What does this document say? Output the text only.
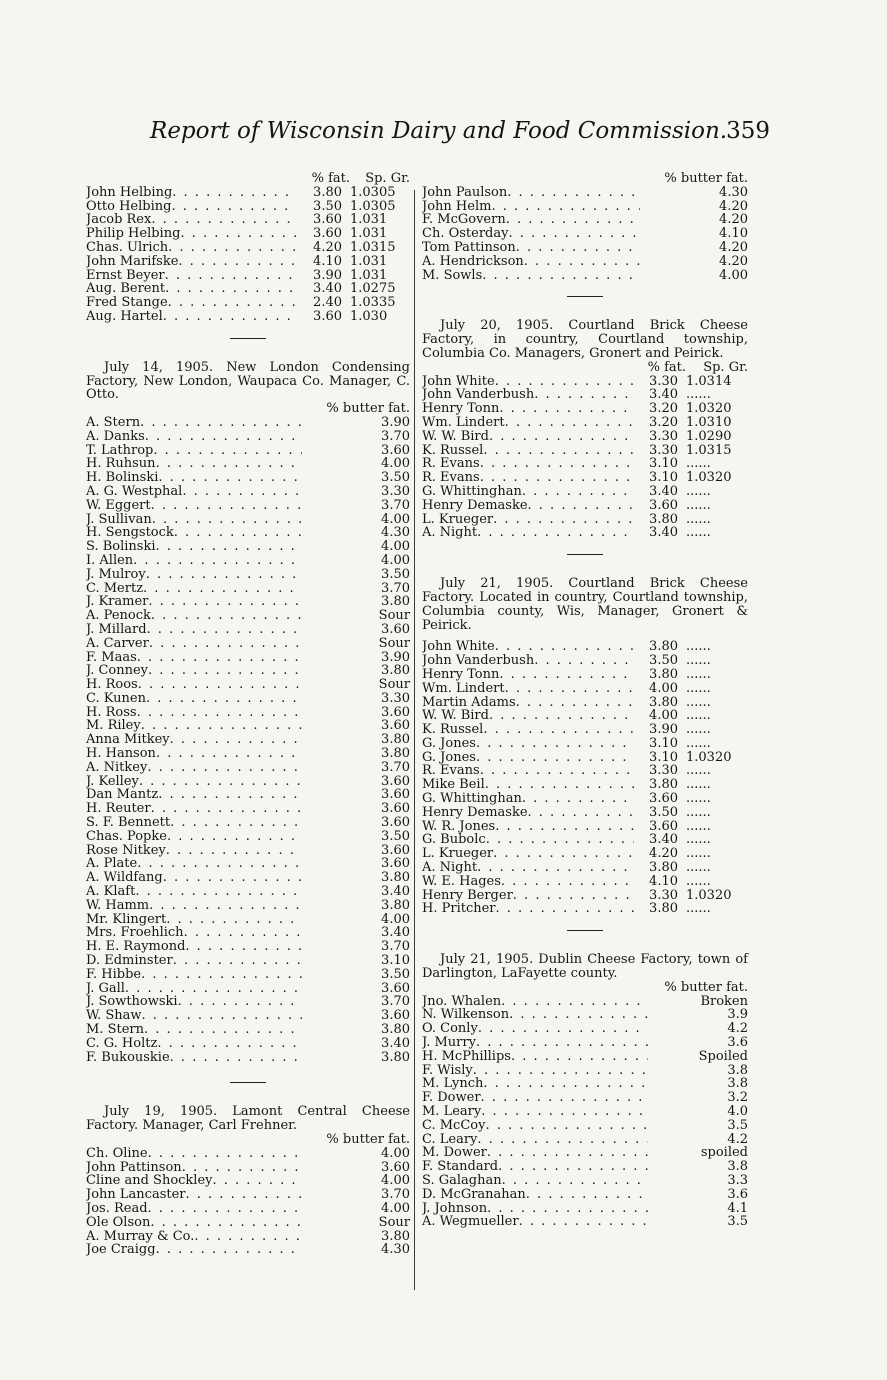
Report of Wisconsin Dairy and Food Commission. 359
% fat.	Sp. Gr.
John Helbing . . .	3.80 1.0305
Otto Helbing . . .	3.50 1.0305
Jacob Rex . . .	3.60 1.031
Philip Helbing . . .	3.60 1.031
Chas. Ulrich . . .	4.20 1.0315
John Marifske . . .	4.10 1.031
Ernst Beyer . . .	3.90 1.031
Aug. Berent . . .	3.40 1.0275
Fred Stange . . .	2.40 1.0335
Aug. Hartel . . .	3.60 1.030
July 14, 1905. New London Condensing Factory, New London, Waupaca Co. Manager, C. Otto.
% butter fat.
A. Stern . . .	3.90
A. Danks . . .	3.70
T. Lathrop . . .	3.60
H. Ruhsun . . .	4.00
H. Bolinski . . .	3.50
A. G. Westphal . . .	3.30
W. Eggert . . .	3.70
J. Sullivan . . .	4.00
H. Sengstock . . .	4.30
S. Bolinski . . .	4.00
I. Allen . . .	4.00
J. Mulroy . . .	3.50
C. Mertz . . .	3.70
J. Kramer . . .	3.80
A. Penock . . .	Sour
J. Millard . . .	3.60
A. Carver . . .	Sour
F. Maas . . .	3.90
J. Conney . . .	3.80
H. Roos . . .	Sour
C. Kunen . . .	3.30
H. Ross . . .	3.60
M. Riley . . .	3.60
Anna Mitkey . . .	3.80
H. Hanson . . .	3.80
A. Nitkey . . .	3.70
J. Kelley . . .	3.60
Dan Mantz . . .	3.60
H. Reuter . . .	3.60
S. F. Bennett . . .	3.60
Chas. Popke . . .	3.50
Rose Nitkey . . .	3.60
A. Plate . . .	3.60
A. Wildfang . . .	3.80
A. Klaft . . .	3.40
W. Hamm . . .	3.80
Mr. Klingert . . .	4.00
Mrs. Froehlich . . .	3.40
H. E. Raymond . . .	3.70
D. Edminster . . .	3.10
F. Hibbe . . .	3.50
J. Gall . . .	3.60
J. Sowthowski . . .	3.70
W. Shaw . . .	3.60
M. Stern . . .	3.80
C. G. Holtz . . .	3.40
F. Bukouskie . . .	3.80
July 19, 1905. Lamont Central Cheese Factory. Manager, Carl Frehner.
% butter fat.
Ch. Oline . . .	4.00
John Pattinson . . .	3.60
Cline and Shockley . . .	4.00
John Lancaster . . .	3.70
Jos. Read . . .	4.00
Ole Olson . . .	Sour
A. Murray & Co. . . .	3.80
Joe Craigg . . .	4.30
% butter fat.
John Paulson . . .	4.30
John Helm . . .	4.20
F. McGovern . . .	4.20
Ch. Osterday . . .	4.10
Tom Pattinson . . .	4.20
A. Hendrickson . . .	4.20
M. Sowls . . .	4.00
July 20, 1905. Courtland Brick Cheese Factory, in country, Courtland township, Columbia Co. Managers, Gronert and Peirick.
% fat.	Sp. Gr.
John White . . .	3.30 1.0314
John Vanderbush . . .	3.40 ......
Henry Tonn . . .	3.20 1.0320
Wm. Lindert . . .	3.20 1.0310
W. W. Bird . . .	3.30 1.0290
K. Russel . . .	3.30 1.0315
R. Evans . . .	3.10 ......
R. Evans . . .	3.10 1.0320
G. Whittinghan . . .	3.40 ......
Henry Demaske . . .	3.60 ......
L. Krueger . . .	3.80 ......
A. Night . . .	3.40 ......
July 21, 1905. Courtland Brick Cheese Factory. Located in country, Courtland township, Columbia county, Wis, Manager, Gronert & Peirick.
John White . . .	3.80 ......
John Vanderbush . . .	3.50 ......
Henry Tonn . . .	3.80 ......
Wm. Lindert . . .	4.00 ......
Martin Adams . . .	3.80 ......
W. W. Bird . . .	4.00 ......
K. Russel . . .	3.90 ......
G. Jones . . .	3.10 ......
G. Jones . . .	3.10 1.0320
R. Evans . . .	3.30 ......
Mike Beil . . .	3.80 ......
G. Whittinghan . . .	3.60 ......
Henry Demaske . . .	3.50 ......
W. R. Jones . . .	3.60 ......
G. Bubolc . . .	3.40 ......
L. Krueger . . .	4.20 ......
A. Night . . .	3.80 ......
W. E. Hages . . .	4.10 ......
Henry Berger . . .	3.30 1.0320
H. Pritcher . . .	3.80 ......
July 21, 1905. Dublin Cheese Factory, town of Darlington, LaFayette county.
% butter fat.
Jno. Whalen . . .	Broken
N. Wilkenson . . .	3.9
O. Conly . . .	4.2
J. Murry . . .	3.6
H. McPhillips . . .	Spoiled
F. Wisly . . .	3.8
M. Lynch . . .	3.8
F. Dower . . .	3.2
M. Leary . . .	4.0
C. McCoy . . .	3.5
C. Leary . . .	4.2
M. Dower . . .	spoiled
F. Standard . . .	3.8
S. Galaghan . . .	3.3
D. McGranahan . . .	3.6
J. Johnson . . .	4.1
A. Wegmueller . . .	3.5
